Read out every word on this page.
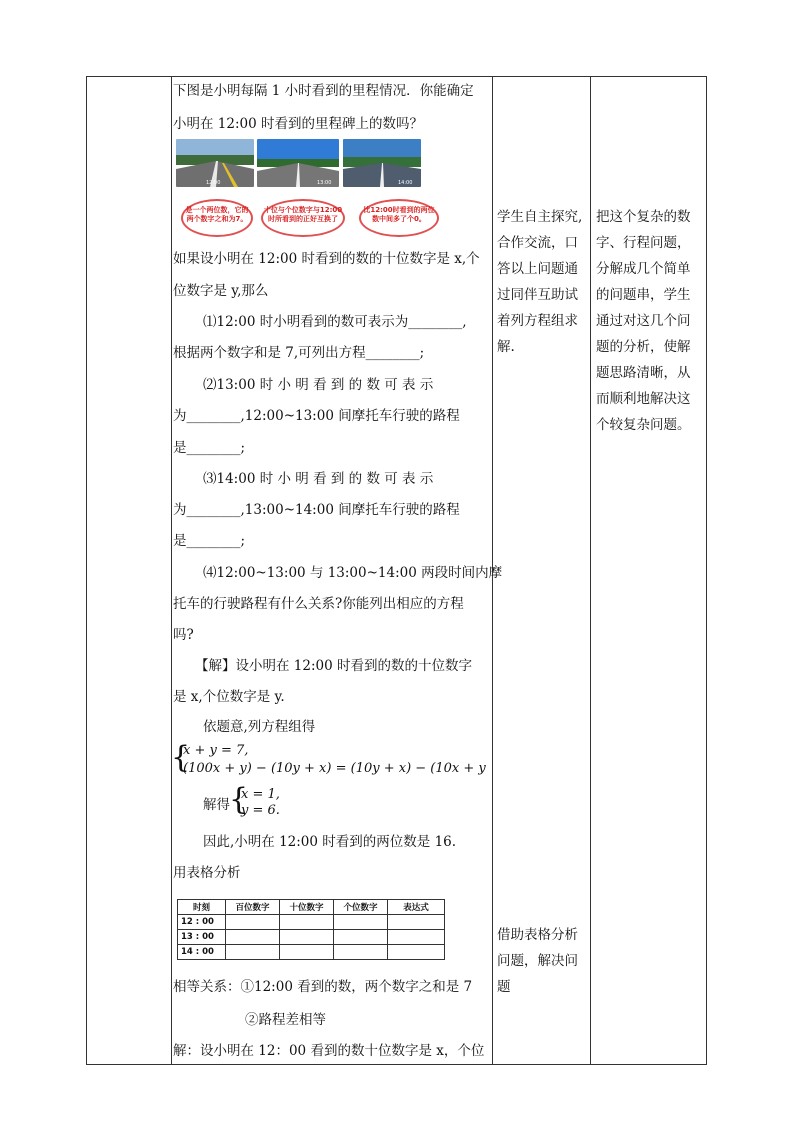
下图是小明每隔 1 小时看到的里程情况．你能确定
小明在 12:00 时看到的里程碑上的数吗？
12:00	13:00	14:00
是一个两位数，它的两个数字之和为7。
十位与个位数字与12:00时所看到的正好互换了
比12:00时看到的两位数中间多了个0。
如果设小明在 12:00 时看到的数的十位数字是 x,个
位数字是 y,那么
⑴12:00 时小明看到的数可表示为________,
根据两个数字和是 7,可列出方程________;
⑵13:00 时 小 明 看 到 的 数 可 表 示
为________,12:00~13:00 间摩托车行驶的路程
是________;
⑶14:00 时 小 明 看 到 的 数 可 表 示
为________,13:00~14:00 间摩托车行驶的路程
是________;
⑷12:00~13:00 与 13:00~14:00 两段时间内摩
托车的行驶路程有什么关系?你能列出相应的方程
吗?
【解】设小明在 12:00 时看到的数的十位数字
是 x,个位数字是 y.
依题意,列方程组得
{
x + y = 7,
(100x + y) − (10y + x) = (10y + x) − (10x + y
解得 {
x = 1,
y = 6.
因此,小明在 12:00 时看到的两位数是 16.
用表格分析
时刻	百位数字	十位数字	个位数字	表达式
12 : 00				
13 : 00				
14 : 00				
相等关系：①12:00 看到的数，两个数字之和是 7
②路程差相等
解：设小明在 12：00 看到的数十位数字是 x，个位
学生自主探究,
合作交流，口
答以上问题通
过同伴互助试
着列方程组求
解.
借助表格分析
问题，解决问
题
把这个复杂的数
字、行程问题，
分解成几个简单
的问题串，学生
通过对这几个问
题的分析，使解
题思路清晰，从
而顺利地解决这
个较复杂问题。
